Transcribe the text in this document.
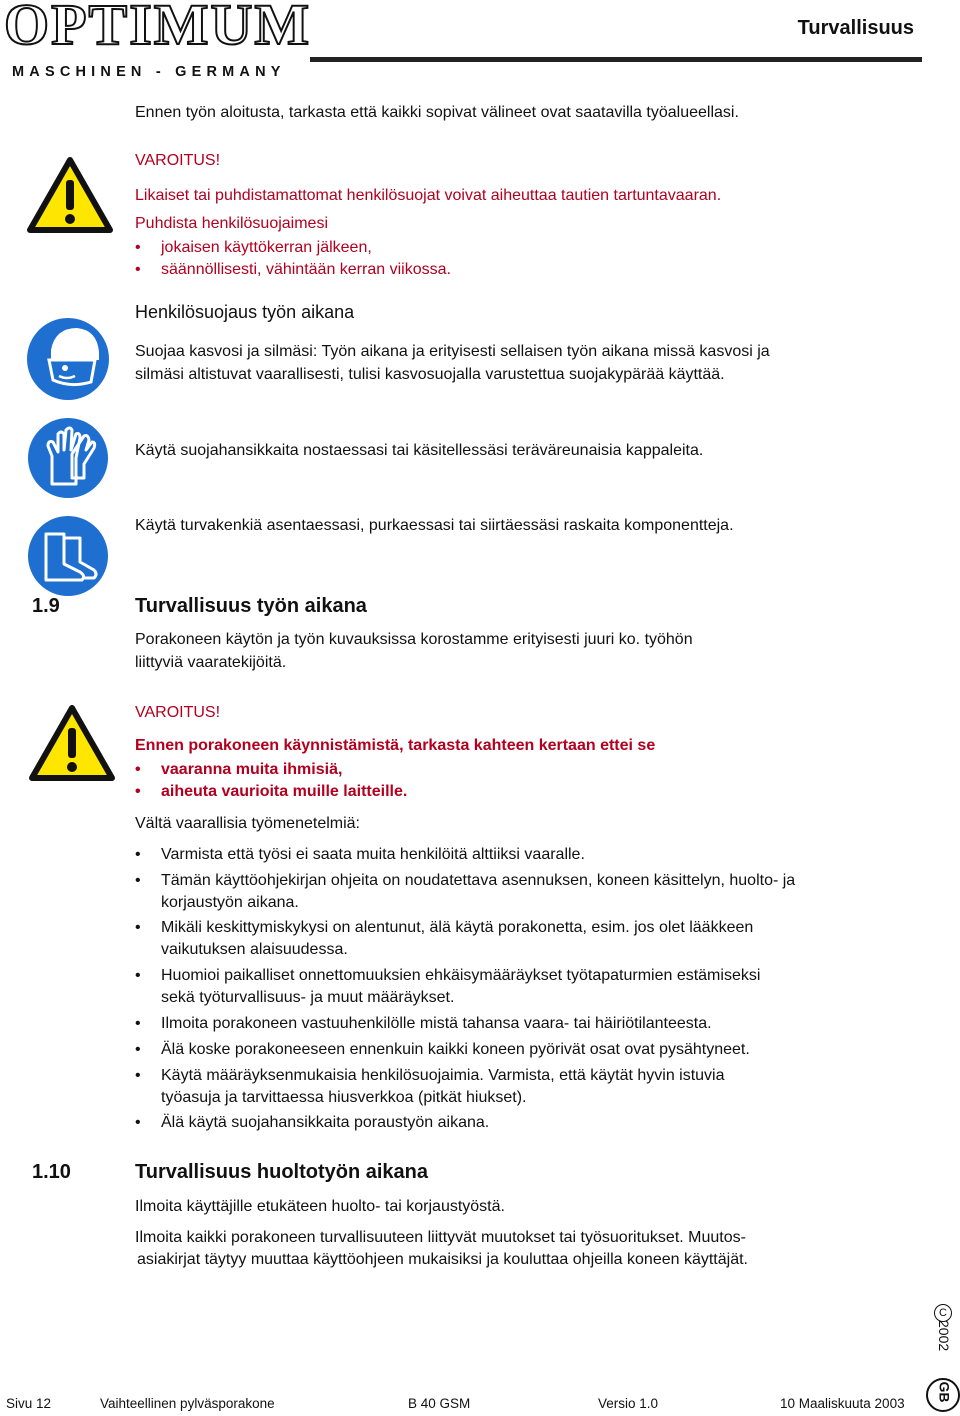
OPTIMUM
MASCHINEN - GERMANY
Turvallisuus
Ennen työn aloitusta, tarkasta että kaikki sopivat välineet ovat saatavilla työalueellasi.
VAROITUS!
Likaiset tai puhdistamattomat henkilösuojat voivat aiheuttaa tautien tartuntavaaran.
Puhdista henkilösuojaimesi
• jokaisen käyttökerran jälkeen,
• säännöllisesti, vähintään kerran viikossa.
Henkilösuojaus työn aikana
Suojaa kasvosi ja silmäsi: Työn aikana ja erityisesti sellaisen työn aikana missä kasvosi ja
silmäsi altistuvat vaarallisesti, tulisi kasvosuojalla varustettua suojakypärää käyttää.
Käytä suojahansikkaita nostaessasi tai käsitellessäsi teräväreunaisia kappaleita.
Käytä turvakenkiä asentaessasi, purkaessasi tai siirtäessäsi raskaita komponentteja.
1.9	Turvallisuus työn aikana
Porakoneen käytön ja työn kuvauksissa korostamme erityisesti juuri ko. työhön
liittyviä vaaratekijöitä.
VAROITUS!
Ennen porakoneen käynnistämistä, tarkasta kahteen kertaan ettei se
• vaaranna muita ihmisiä,
• aiheuta vaurioita muille laitteille.
Vältä vaarallisia työmenetelmiä:
• Varmista että työsi ei saata muita henkilöitä alttiiksi vaaralle.
• Tämän käyttöohjekirjan ohjeita on noudatettava asennuksen, koneen käsittelyn, huolto- ja
korjaustyön aikana.
• Mikäli keskittymiskykysi on alentunut, älä käytä porakonetta, esim. jos olet lääkkeen
vaikutuksen alaisuudessa.
• Huomioi paikalliset onnettomuuksien ehkäisymääräykset työtapaturmien estämiseksi
sekä työturvallisuus- ja muut määräykset.
• Ilmoita porakoneen vastuuhenkilölle mistä tahansa vaara- tai häiriötilanteesta.
• Älä koske porakoneeseen ennenkuin kaikki koneen pyörivät osat ovat pysähtyneet.
• Käytä määräyksenmukaisia henkilösuojaimia. Varmista, että käytät hyvin istuvia
työasuja ja tarvittaessa hiusverkkoa (pitkät hiukset).
• Älä käytä suojahansikkaita poraustyön aikana.
1.10	Turvallisuus huoltotyön aikana
Ilmoita käyttäjille etukäteen huolto- tai korjaustyöstä.
Ilmoita kaikki porakoneen turvallisuuteen liittyvät muutokset tai työsuoritukset. Muutos-
asiakirjat täytyy muuttaa käyttöohjeen mukaisiksi ja kouluttaa ohjeilla koneen käyttäjät.
C
2002
GB
Sivu 12	Vaihteellinen pylväsporakone	B 40 GSM	Versio 1.0	10 Maaliskuuta 2003
